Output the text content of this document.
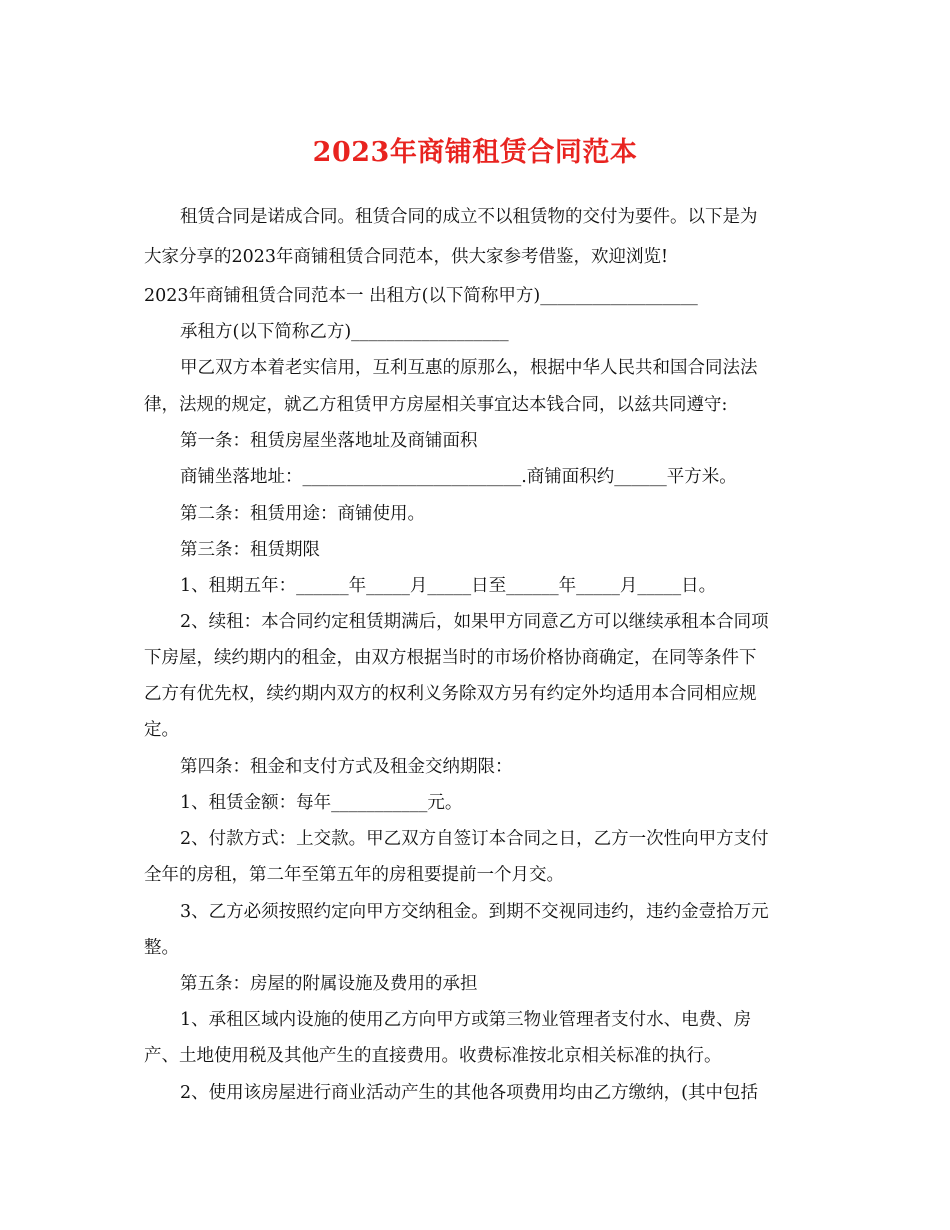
2023年商铺租赁合同范本
租赁合同是诺成合同。租赁合同的成立不以租赁物的交付为要件。以下是为
大家分享的2023年商铺租赁合同范本，供大家参考借鉴，欢迎浏览!
2023年商铺租赁合同范本一 出租方(以下简称甲方)__________________
承租方(以下简称乙方)__________________
甲乙双方本着老实信用，互利互惠的原那么，根据中华人民共和国合同法法
律，法规的规定，就乙方租赁甲方房屋相关事宜达本钱合同，以兹共同遵守:
第一条：租赁房屋坐落地址及商铺面积
商铺坐落地址：_________________________.商铺面积约______平方米。
第二条：租赁用途：商铺使用。
第三条：租赁期限
1、租期五年：______年_____月_____日至______年_____月_____日。
2、续租：本合同约定租赁期满后，如果甲方同意乙方可以继续承租本合同项
下房屋，续约期内的租金，由双方根据当时的市场价格协商确定，在同等条件下
乙方有优先权，续约期内双方的权利义务除双方另有约定外均适用本合同相应规
定。
第四条：租金和支付方式及租金交纳期限：
1、租赁金额：每年___________元。
2、付款方式：上交款。甲乙双方自签订本合同之日，乙方一次性向甲方支付
全年的房租，第二年至第五年的房租要提前一个月交。
3、乙方必须按照约定向甲方交纳租金。到期不交视同违约，违约金壹拾万元
整。
第五条：房屋的附属设施及费用的承担
1、承租区域内设施的使用乙方向甲方或第三物业管理者支付水、电费、房
产、土地使用税及其他产生的直接费用。收费标准按北京相关标准的执行。
2、使用该房屋进行商业活动产生的其他各项费用均由乙方缴纳，(其中包括
